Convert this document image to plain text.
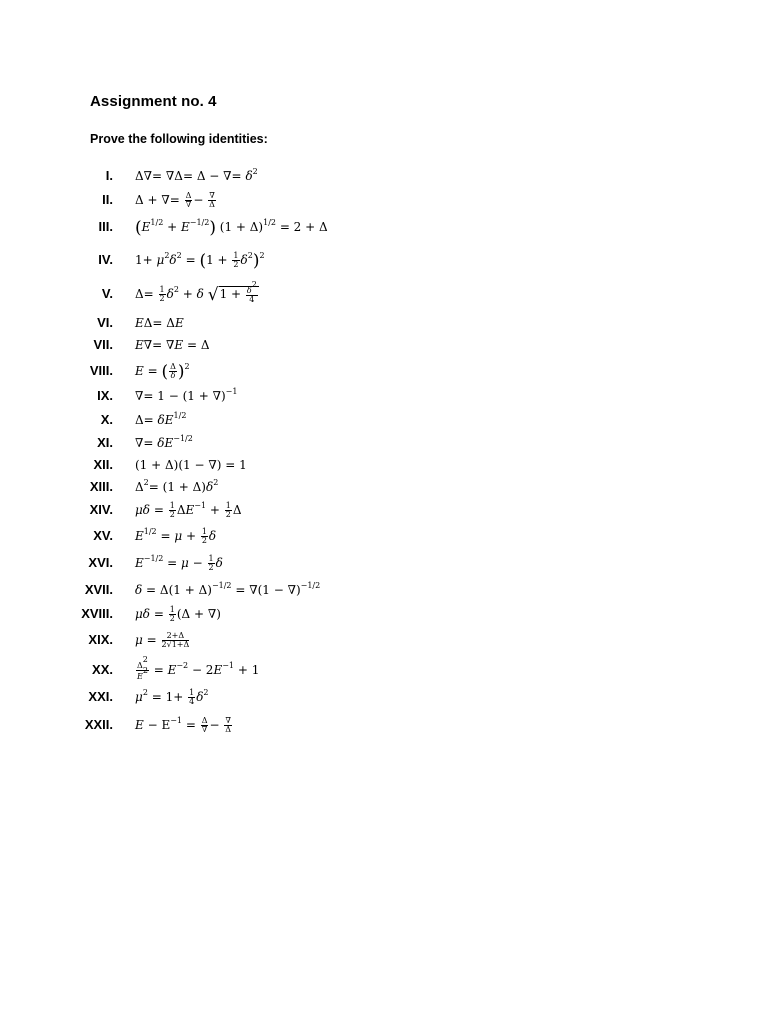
Assignment no. 4
Prove the following identities:
I. Δ∇= ∇Δ= Δ − ∇= $\delta^2$
II. Δ + ∇= $\frac{\Delta}{\nabla} - \frac{\nabla}{\Delta}$
III. $(E^{1/2} + E^{-1/2}) (1 + \Delta)^{1/2} = 2 + \Delta$
IV. $1+ \mu^2\delta^2 = (1 + \frac{1}{2} \delta^2)^2$
V. $\Delta= \frac{1}{2} \delta^2 + \delta$ $√1 + \frac{\delta^2}{4}$
VI. EΔ= ΔE
VII. E∇= ∇E = Δ
VIII. E = ( $\frac{\Delta}{\delta} )^2$
IX. ∇= 1 − (1 + ∇)$^{-1}$
X. $\Delta= \delta E^{1/2}$
XI. ∇= $\delta E^{-1/2}$
XII. (1 + Δ)(1 − ∇) = 1
XIII. $\Delta^2= (1 + \Delta)\delta^2$
XIV. $\mu\delta = \frac{1}{2} \Delta E^{-1} + \frac{1}{2}$ Δ
XV. $E^{1/2} = \mu + \frac{1}{2}$ δ
XVI. $E^{-1/2} = \mu - \frac{1}{2}$ δ
XVII. $\delta = \Delta(1 + \Delta)^{-1/2} = \nabla(1 - \nabla)^{-1/2}$
XVIII. $\mu\delta = \frac{1}{2} (\Delta$ + ∇)
XIX. $\mu = \frac{2+\Delta}{2√1+\Delta}$
XX.	$\frac{\Delta^2}{E^2} = E^{-2} - 2E^{-1} + 1$
XXI. $\mu^2 = 1+ \frac{1}{4} \delta^2$
XXII. $E - E^{-1} = \frac{\Delta}{\nabla} - \frac{\nabla}{\Delta}$
